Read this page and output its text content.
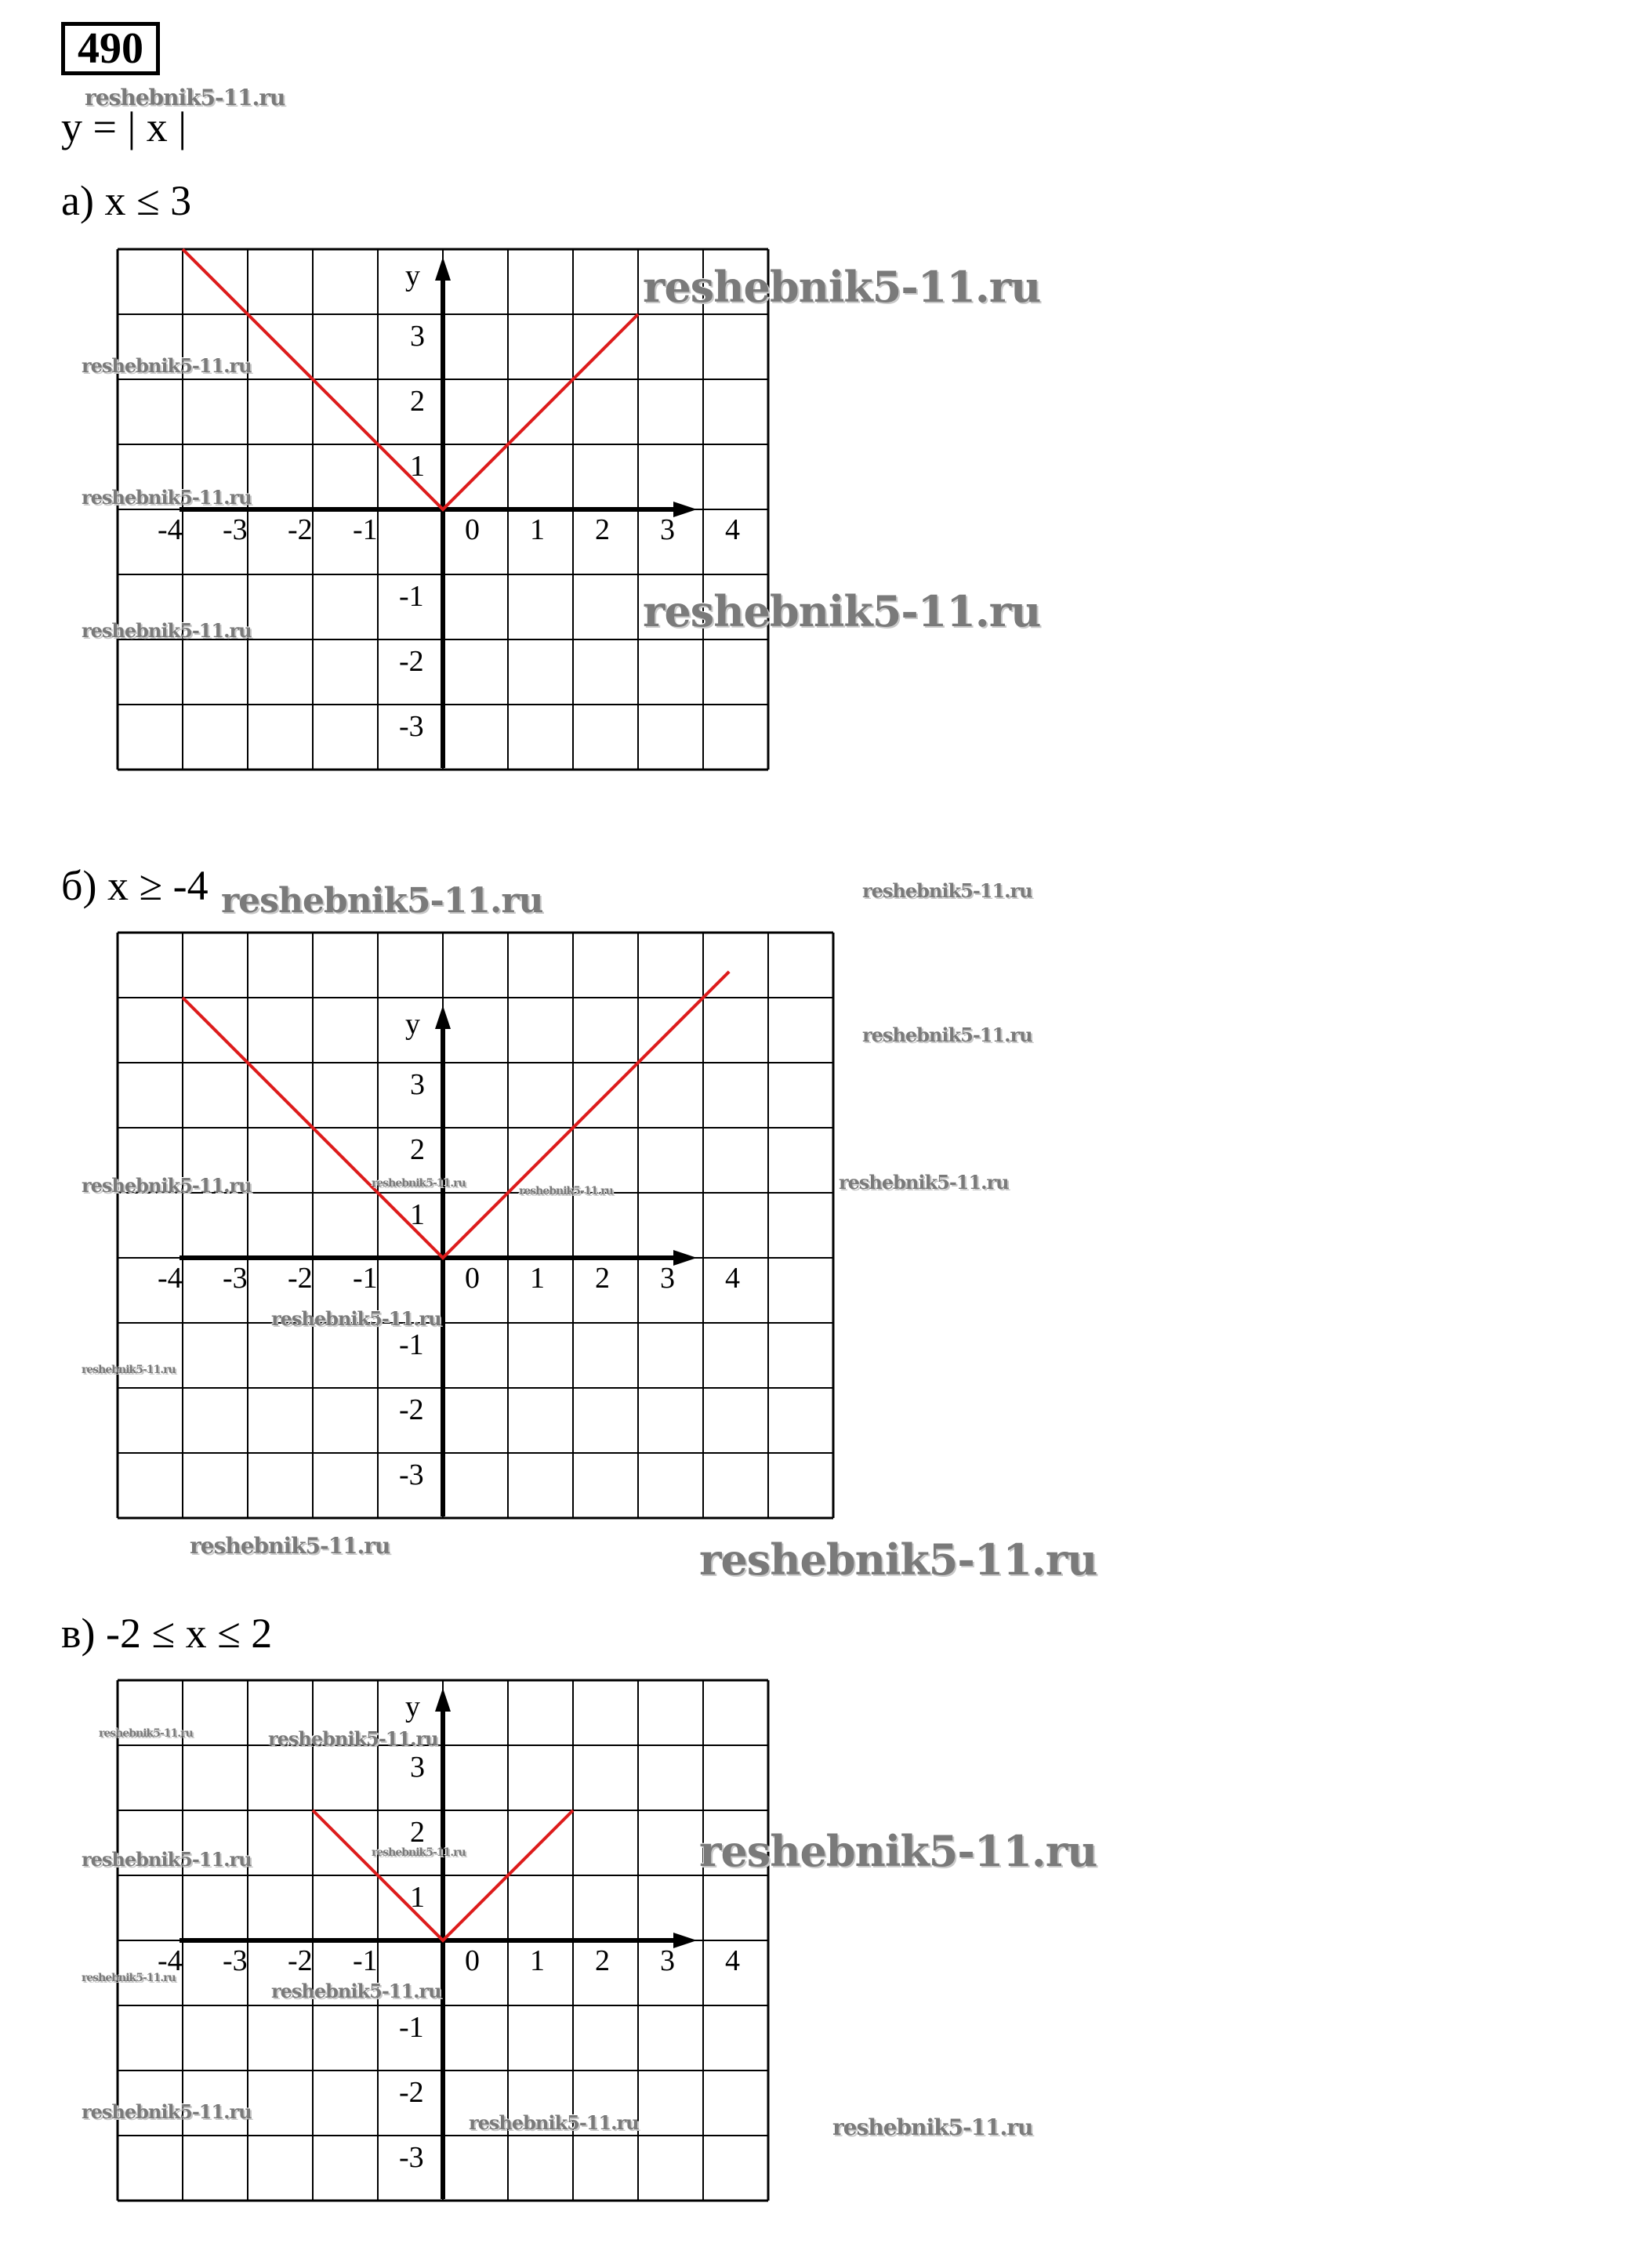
490
y = | x |
а) x ≤ 3
б) x ≥ -4
в) -2 ≤ x ≤ 2
y
-4 -3 -2 -1	0 1 2 3 4
3
2
1
-1
-2
-3
y
-4 -3 -2 -1	0 1 2 3 4
3
2
1
-1
-2
-3
y
-4 -3 -2 -1	0 1 2 3 4
3
2
1
-1
-2
-3
reshebnik5-11.ru
reshebnik5-11.ru
reshebnik5-11.ru
reshebnik5-11.ru
reshebnik5-11.ru
reshebnik5-11.ru
reshebnik5-11.ru	reshebnik5-11.ru
reshebnik5-11.ru
reshebnik5-11.ru	reshebnik5-11.ru
reshebnik5-11.ru
reshebnik5-11.ru
reshebnik5-11.ru
reshebnik5-11.ru
reshebnik5-11.ru	reshebnik5-11.ru
reshebnik5-11.ru	reshebnik5-11.ru
reshebnik5-11.ru
reshebnik5-11.ru	reshebnik5-11.ru
reshebnik5-11.ru
reshebnik5-11.ru
reshebnik5-11.ru	reshebnik5-11.ru	reshebnik5-11.ru
